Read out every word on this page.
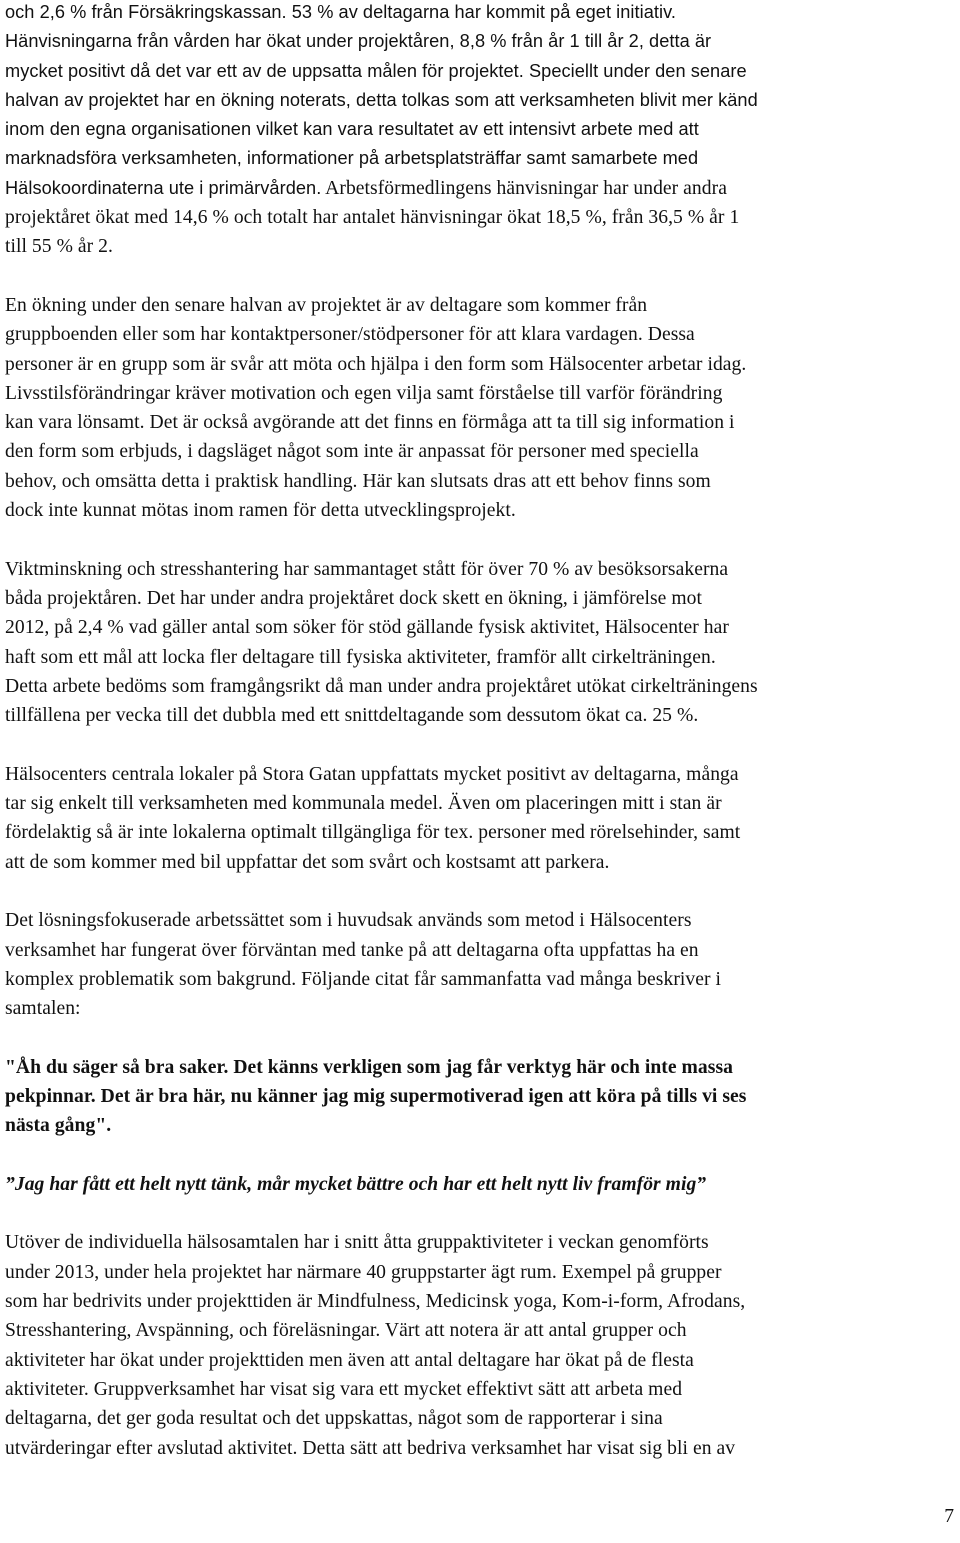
och 2,6 % från Försäkringskassan. 53 % av deltagarna har kommit på eget initiativ.
Hänvisningarna från vården har ökat under projektåren, 8,8 % från år 1 till år 2, detta är
mycket positivt då det var ett av de uppsatta målen för projektet. Speciellt under den senare
halvan av projektet har en ökning noterats, detta tolkas som att verksamheten blivit mer känd
inom den egna organisationen vilket kan vara resultatet av ett intensivt arbete med att
marknadsföra verksamheten, informationer på arbetsplatsträffar samt samarbete med
Hälsokoordinaterna ute i primärvården. Arbetsförmedlingens hänvisningar har under andra
projektåret ökat med 14,6 % och totalt har antalet hänvisningar ökat 18,5 %, från 36,5 % år 1
till 55 % år 2.
En ökning under den senare halvan av projektet är av deltagare som kommer från
gruppboenden eller som har kontaktpersoner/stödpersoner för att klara vardagen. Dessa
personer är en grupp som är svår att möta och hjälpa i den form som Hälsocenter arbetar idag.
Livsstilsförändringar kräver motivation och egen vilja samt förståelse till varför förändring
kan vara lönsamt. Det är också avgörande att det finns en förmåga att ta till sig information i
den form som erbjuds, i dagsläget något som inte är anpassat för personer med speciella
behov, och omsätta detta i praktisk handling. Här kan slutsats dras att ett behov finns som
dock inte kunnat mötas inom ramen för detta utvecklingsprojekt.
Viktminskning och stresshantering har sammantaget stått för över 70 % av besöksorsakerna
båda projektåren. Det har under andra projektåret dock skett en ökning, i jämförelse mot
2012, på 2,4 % vad gäller antal som söker för stöd gällande fysisk aktivitet, Hälsocenter har
haft som ett mål att locka fler deltagare till fysiska aktiviteter, framför allt cirkelträningen.
Detta arbete bedöms som framgångsrikt då man under andra projektåret utökat cirkelträningens
tillfällena per vecka till det dubbla med ett snittdeltagande som dessutom ökat ca. 25 %.
Hälsocenters centrala lokaler på Stora Gatan uppfattats mycket positivt av deltagarna, många
tar sig enkelt till verksamheten med kommunala medel. Även om placeringen mitt i stan är
fördelaktig så är inte lokalerna optimalt tillgängliga för tex. personer med rörelsehinder, samt
att de som kommer med bil uppfattar det som svårt och kostsamt att parkera.
Det lösningsfokuserade arbetssättet som i huvudsak används som metod i Hälsocenters
verksamhet har fungerat över förväntan med tanke på att deltagarna ofta uppfattas ha en
komplex problematik som bakgrund. Följande citat får sammanfatta vad många beskriver i
samtalen:
"Åh du säger så bra saker. Det känns verkligen som jag får verktyg här och inte massa
pekpinnar. Det är bra här, nu känner jag mig supermotiverad igen att köra på tills vi ses
nästa gång".
”Jag har fått ett helt nytt tänk, mår mycket bättre och har ett helt nytt liv framför mig”
Utöver de individuella hälsosamtalen har i snitt åtta gruppaktiviteter i veckan genomförts
under 2013, under hela projektet har närmare 40 gruppstarter ägt rum. Exempel på grupper
som har bedrivits under projekttiden är Mindfulness, Medicinsk yoga, Kom-i-form, Afrodans,
Stresshantering, Avspänning, och föreläsningar. Värt att notera är att antal grupper och
aktiviteter har ökat under projekttiden men även att antal deltagare har ökat på de flesta
aktiviteter. Gruppverksamhet har visat sig vara ett mycket effektivt sätt att arbeta med
deltagarna, det ger goda resultat och det uppskattas, något som de rapporterar i sina
utvärderingar efter avslutad aktivitet. Detta sätt att bedriva verksamhet har visat sig bli en av
7
